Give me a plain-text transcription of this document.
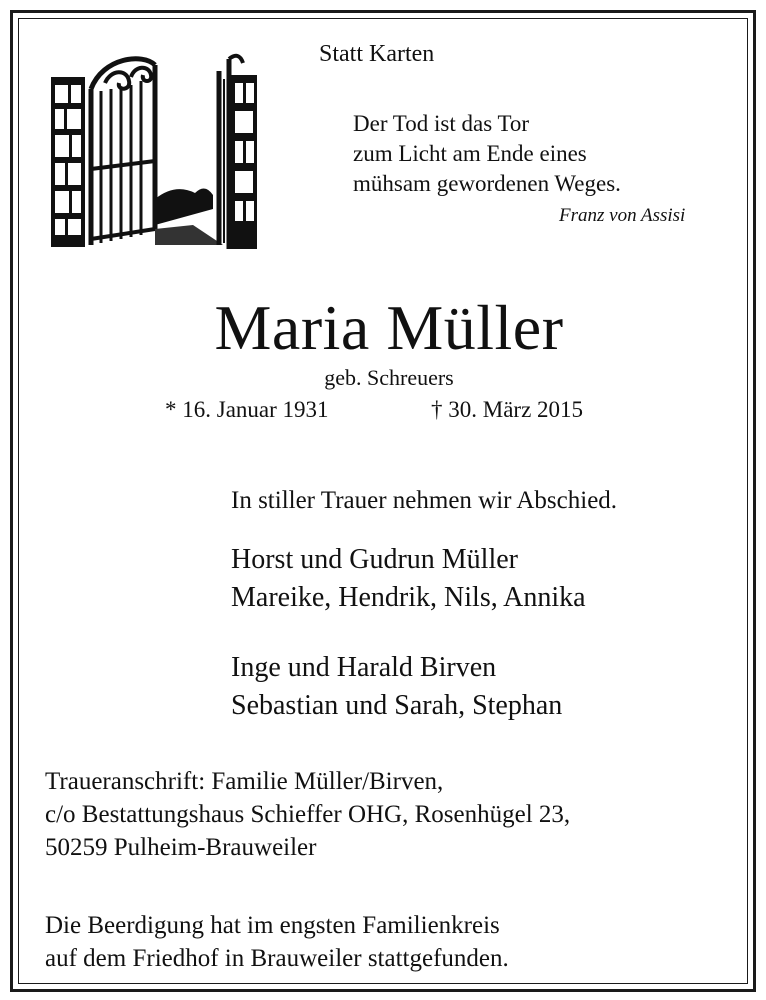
Statt Karten
Der Tod ist das Tor
zum Licht am Ende eines
mühsam gewordenen Weges.
Franz von Assisi
Maria Müller
geb. Schreuers
* 16. Januar 1931	† 30. März 2015
In stiller Trauer nehmen wir Abschied.
Horst und Gudrun Müller
Mareike, Hendrik, Nils, Annika
Inge und Harald Birven
Sebastian und Sarah, Stephan
Traueranschrift: Familie Müller/Birven,
c/o Bestattungshaus Schieffer OHG, Rosenhügel 23,
50259 Pulheim-Brauweiler
Die Beerdigung hat im engsten Familienkreis
auf dem Friedhof in Brauweiler stattgefunden.
